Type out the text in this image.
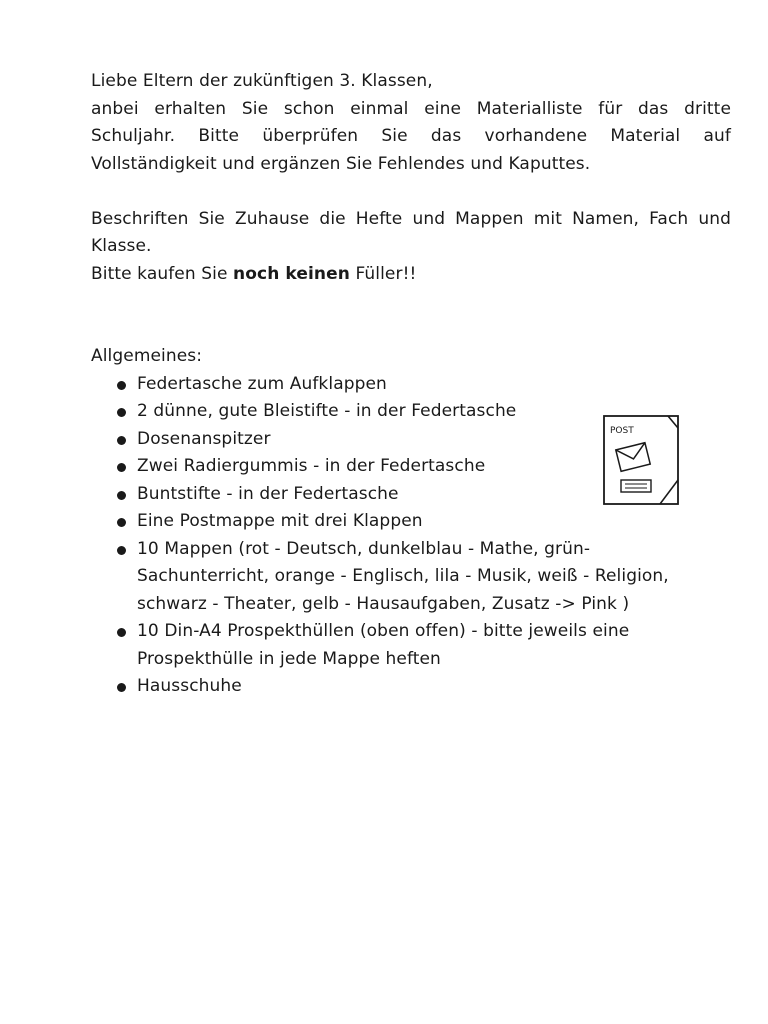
Liebe Eltern der zukünftigen 3. Klassen,
anbei erhalten Sie schon einmal eine Materialliste für das dritte
Schuljahr. Bitte überprüfen Sie das vorhandene Material auf
Vollständigkeit und ergänzen Sie Fehlendes und Kaputtes.
Beschriften Sie Zuhause die Hefte und Mappen mit Namen, Fach und
Klasse.
Bitte kaufen Sie noch keinen Füller!!
Allgemeines:
Federtasche zum Aufklappen
2 dünne, gute Bleistifte - in der Federtasche
Dosenanspitzer
Zwei Radiergummis - in der Federtasche
Buntstifte - in der Federtasche
Eine Postmappe mit drei Klappen
10 Mappen (rot - Deutsch, dunkelblau - Mathe, grün-
Sachunterricht, orange - Englisch, lila - Musik, weiß - Religion,
schwarz - Theater, gelb - Hausaufgaben, Zusatz -> Pink )
10 Din-A4 Prospekthüllen (oben offen) - bitte jeweils eine
Prospekthülle in jede Mappe heften
Hausschuhe
POST
